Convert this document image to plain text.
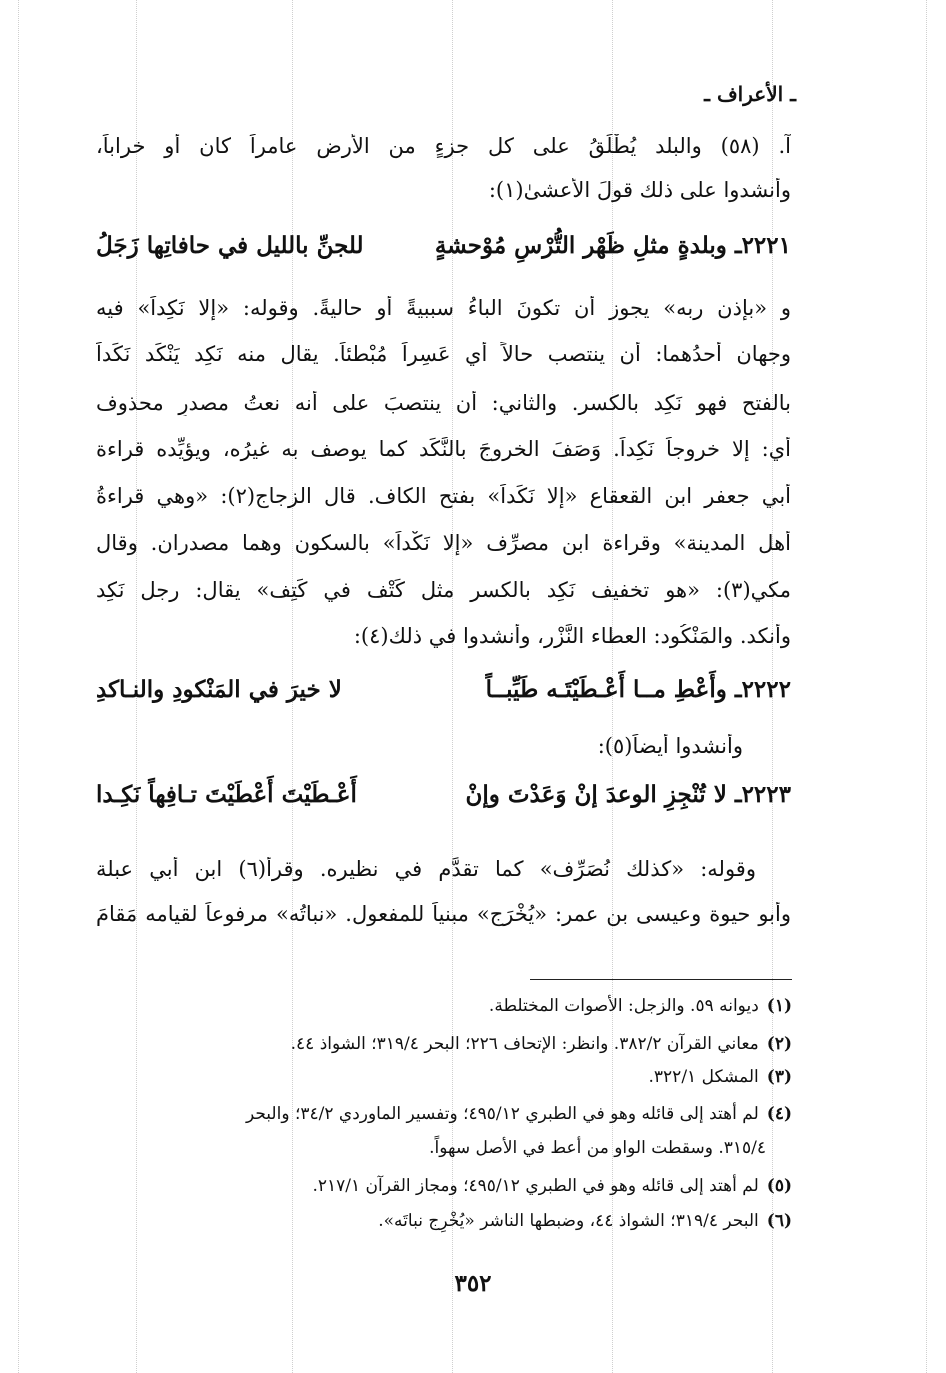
ـ الأعراف ـ
آ. (٥٨) والبلد يُطْلَقُ على كل جزءٍ من الأرض عامراً كان أو خراباً،
وأنشدوا على ذلك قولَ الأعشىٰ(١):
٢٢٢١ـ وبلدةٍ مثلِ ظَهْر التُّرْسِ مُوْحشةٍ
للجنِّ بالليل في حافاتِها زَجَلُ
و «بإذن ربه» يجوز أن تكونَ الباءُ سببيةً أو حاليةً. وقوله: «إلا نَكِداً» فيه
وجهان أحدُهما: أن ينتصب حالاً أي عَسِراً مُبْطئاً. يقال منه نَكِد يَنْكَد نَكَداً
بالفتح فهو نَكِد بالكسر. والثاني: أن ينتصبَ على أنه نعتُ مصدرٍ محذوف
أي: إلا خروجاً نَكِداً. وَصَفَ الخروجَ بالنَّكَد كما يوصف به غيرُه، ويؤيِّده قراءة
أبي جعفر ابن القعقاع «إلا نَكَداً» بفتح الكاف. قال الزجاج(٢): «وهي قراءةُ
أهل المدينة» وقراءة ابن مصرِّف «إلا نَكْداً» بالسكون وهما مصدران. وقال
مكي(٣): «هو تخفيف نَكِد بالكسر مثل كَتْف في كَتِف» يقال: رجل نَكِد
وأنكد. والمَنْكُود: العطاء النَّزْر، وأنشدوا في ذلك(٤):
٢٢٢٢ـ وأَعْطِ مــا أَعْـطَيْتَـه طَيِّبــاً
لا خيرَ في المَنْكودِ والنـاكدِ
وأنشدوا أيضاً(٥):
٢٢٢٣ـ لا تُنْجِزِ الوعدَ إنْ وَعَدْتَ وإنْ
أَعْـطَيْتَ أَعْطَيْتَ تـافِهاً نَكِـدا
وقوله: «كذلك نُصَرِّف» كما تقدَّم في نظيره. وقرأ(٦) ابن أبي عبلة
وأبو حيوة وعيسى بن عمر: «يُخْرَج» مبنياً للمفعول. «نباتُه» مرفوعاً لقيامه مَقامَ
(١)ديوانه ٥٩. والزجل: الأصوات المختلطة.
(٢)معاني القرآن ٣٨٢/٢. وانظر: الإتحاف ٢٢٦؛ البحر ٣١٩/٤؛ الشواذ ٤٤.
(٣)المشكل ٣٢٢/١.
(٤)لم أهتد إلى قائله وهو في الطبري ٤٩٥/١٢؛ وتفسير الماوردي ٣٤/٢؛ والبحر
٣١٥/٤. وسقطت الواو من أعط في الأصل سهواً.
(٥)لم أهتد إلى قائله وهو في الطبري ٤٩٥/١٢؛ ومجاز القرآن ٢١٧/١.
(٦)البحر ٣١٩/٤؛ الشواذ ٤٤، وضبطها الناشر «يُخْرِج نباتَه».
٣٥٢
